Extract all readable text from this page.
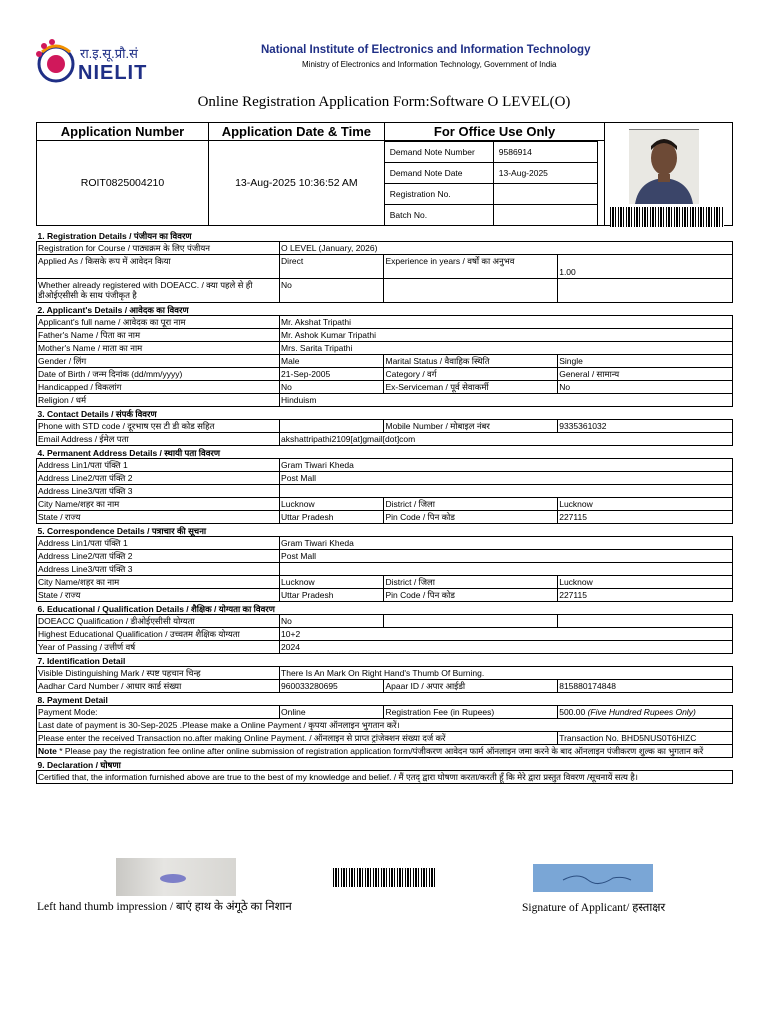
रा.इ.सू.प्रौ.सं
NIELIT
National Institute of Electronics and Information Technology
Ministry of Electronics and Information Technology, Government of India
Online Registration Application Form:Software O LEVEL(O)
Application Number	Application Date & Time	For Office Use Only	

ROIT0825004210	13-Aug-2025 10:36:52 AM	
Demand Note Number	9586914
Demand Note Date	13-Aug-2025
Registration No.	
Batch No.	
1. Registration Details / पंजीयन का विवरण			
Registration for Course / पाठ्यक्रम के लिए पंजीयन	O LEVEL (January, 2026)		
Applied As / किसके रूप में आवेदन किया	Direct	Experience in years / वर्षों का अनुभव	1.00
Whether already registered with DOEACC. / क्या पहले से ही डीओईएसीसी के साथ पंजीकृत है	No		
2. Applicant's Details / आवेदक का विवरण			
Applicant's full name / आवेदक का पूरा नाम	Mr. Akshat Tripathi		
Father's Name / पिता का नाम	Mr. Ashok Kumar Tripathi		
Mother's Name / माता का नाम	Mrs. Sarita Tripathi		
Gender / लिंग	Male	Marital Status / वैवाहिक स्थिति	Single
Date of Birth / जन्म दिनांक (dd/mm/yyyy)	21-Sep-2005	Category / वर्ग	General / सामान्य
Handicapped / विकलांग	No	Ex-Serviceman / पूर्व सेवाकर्मी	No
Religion / धर्म	Hinduism		
3. Contact Details / संपर्क विवरण			
Phone with STD code / दूरभाष एस टी डी कोड सहित		Mobile Number / मोबाइल नंबर	9335361032
Email Address / ईमेल पता	akshattripathi2109[at]gmail[dot]com		
4. Permanent Address Details / स्थायी पता विवरण			
Address Lin1/पता पंक्ति 1	Gram Tiwari Kheda		
Address Line2/पता पंक्ति 2	Post Mall		
Address Line3/पता पंक्ति 3			
City Name/शहर का नाम	Lucknow	District / जिला	Lucknow
State / राज्य	Uttar Pradesh	Pin Code / पिन कोड	227115
5. Correspondence Details / पत्राचार की सूचना			
Address Lin1/पता पंक्ति 1	Gram Tiwari Kheda		
Address Line2/पता पंक्ति 2	Post Mall		
Address Line3/पता पंक्ति 3			
City Name/शहर का नाम	Lucknow	District / जिला	Lucknow
State / राज्य	Uttar Pradesh	Pin Code / पिन कोड	227115
6. Educational / Qualification Details / शैक्षिक / योग्यता का विवरण			
DOEACC Qualification / डीओईएसीसी योग्यता	No		
Highest Educational Qualification / उच्चतम शैक्षिक योग्यता	10+2		
Year of Passing / उत्तीर्ण वर्ष	2024		
7. Identification Detail			
Visible Distinguishing Mark / स्पष्ट पहचान चिन्ह	There Is An Mark On Right Hand's Thumb Of Burning.		
Aadhar Card Number / आधार कार्ड संख्या	960033280695	Apaar ID / अपार आईडी	815880174848
8. Payment Detail			
Payment Mode:	Online	Registration Fee (in Rupees)	500.00 (Five Hundred Rupees Only)
Last date of payment is 30-Sep-2025 .Please make a Online Payment / कृपया ऑनलाइन भुगतान करें।			
Please enter the received Transaction no.after making Online Payment. / ऑनलाइन से प्राप्त ट्रांजेक्शन संख्या दर्ज करें			Transaction No. BHD5NUS0T6HIZC
Note * Please pay the registration fee online after online submission of registration application form/पंजीकरण आवेदन फार्म ऑनलाइन जमा करने के बाद ऑनलाइन पंजीकरण शुल्क का भुगतान करें			
9. Declaration / घोषणा			
Certified that, the information furnished above are true to the best of my knowledge and belief. / मैं एतद् द्वारा घोषणा करता/करती हूँ कि मेरे द्वारा प्रस्तुत विवरण /सूचनायें सत्य है।			
Left hand thumb impression / बाएं हाथ के अंगूठे का निशान	Signature of Applicant/ हस्ताक्षर
